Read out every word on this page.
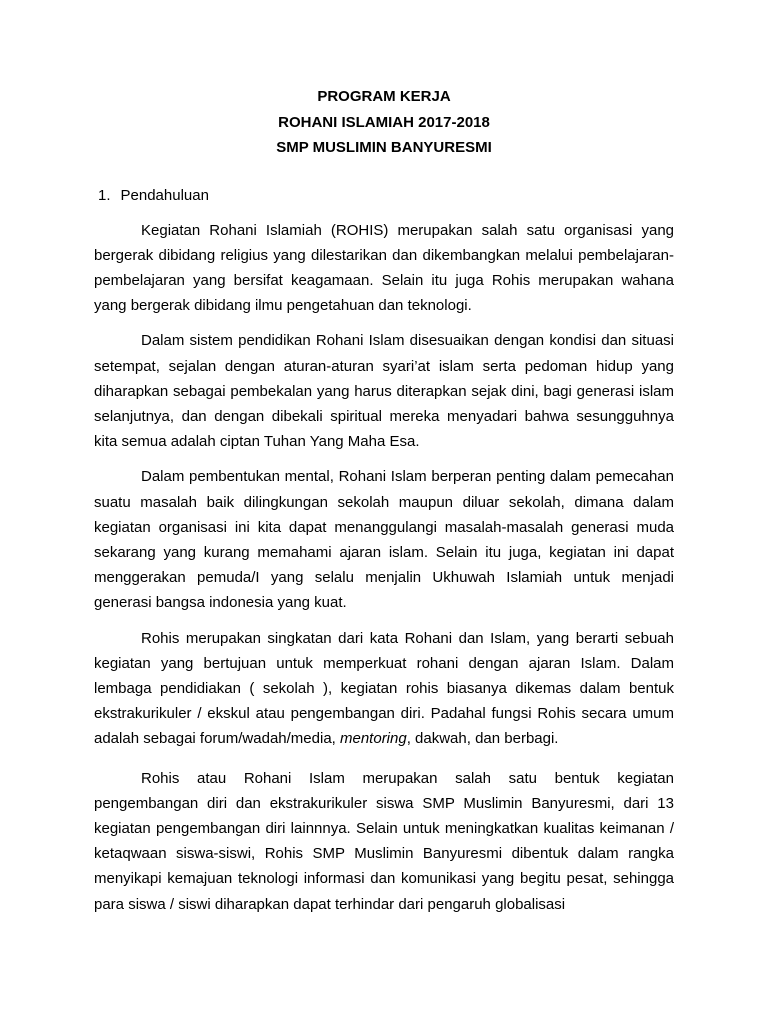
PROGRAM KERJA
ROHANI ISLAMIAH 2017-2018
SMP MUSLIMIN BANYURESMI
1. Pendahuluan

Kegiatan Rohani Islamiah (ROHIS) merupakan salah satu organisasi yang bergerak dibidang religius yang dilestarikan dan dikembangkan melalui pembelajaran-pembelajaran yang bersifat keagamaan. Selain itu juga Rohis merupakan wahana yang bergerak dibidang ilmu pengetahuan dan teknologi.

Dalam sistem pendidikan Rohani Islam disesuaikan dengan kondisi dan situasi setempat, sejalan dengan aturan-aturan syari’at islam serta pedoman hidup yang diharapkan sebagai pembekalan yang harus diterapkan sejak dini, bagi generasi islam selanjutnya, dan dengan dibekali spiritual mereka menyadari bahwa sesungguhnya kita semua adalah ciptan Tuhan Yang Maha Esa.

Dalam pembentukan mental, Rohani Islam berperan penting dalam pemecahan suatu masalah baik dilingkungan sekolah maupun diluar sekolah, dimana dalam kegiatan organisasi ini kita dapat menanggulangi masalah-masalah generasi muda sekarang yang kurang memahami ajaran islam. Selain itu juga, kegiatan ini dapat menggerakan pemuda/I yang selalu menjalin Ukhuwah Islamiah untuk menjadi generasi bangsa indonesia yang kuat.

Rohis merupakan singkatan dari kata Rohani dan Islam, yang berarti sebuah kegiatan yang bertujuan untuk memperkuat rohani dengan ajaran Islam. Dalam lembaga pendidiakan ( sekolah ), kegiatan rohis biasanya dikemas dalam bentuk ekstrakurikuler / ekskul atau pengembangan diri. Padahal fungsi Rohis secara umum adalah sebagai forum/wadah/media, mentoring, dakwah, dan berbagi.

Rohis atau Rohani Islam merupakan salah satu bentuk kegiatan pengembangan diri dan ekstrakurikuler siswa SMP Muslimin Banyuresmi, dari 13 kegiatan pengembangan diri lainnnya. Selain untuk meningkatkan kualitas keimanan / ketaqwaan siswa-siswi, Rohis SMP Muslimin Banyuresmi dibentuk dalam rangka menyikapi kemajuan teknologi informasi dan komunikasi yang begitu pesat, sehingga para siswa / siswi diharapkan dapat terhindar dari pengaruh globalisasi
